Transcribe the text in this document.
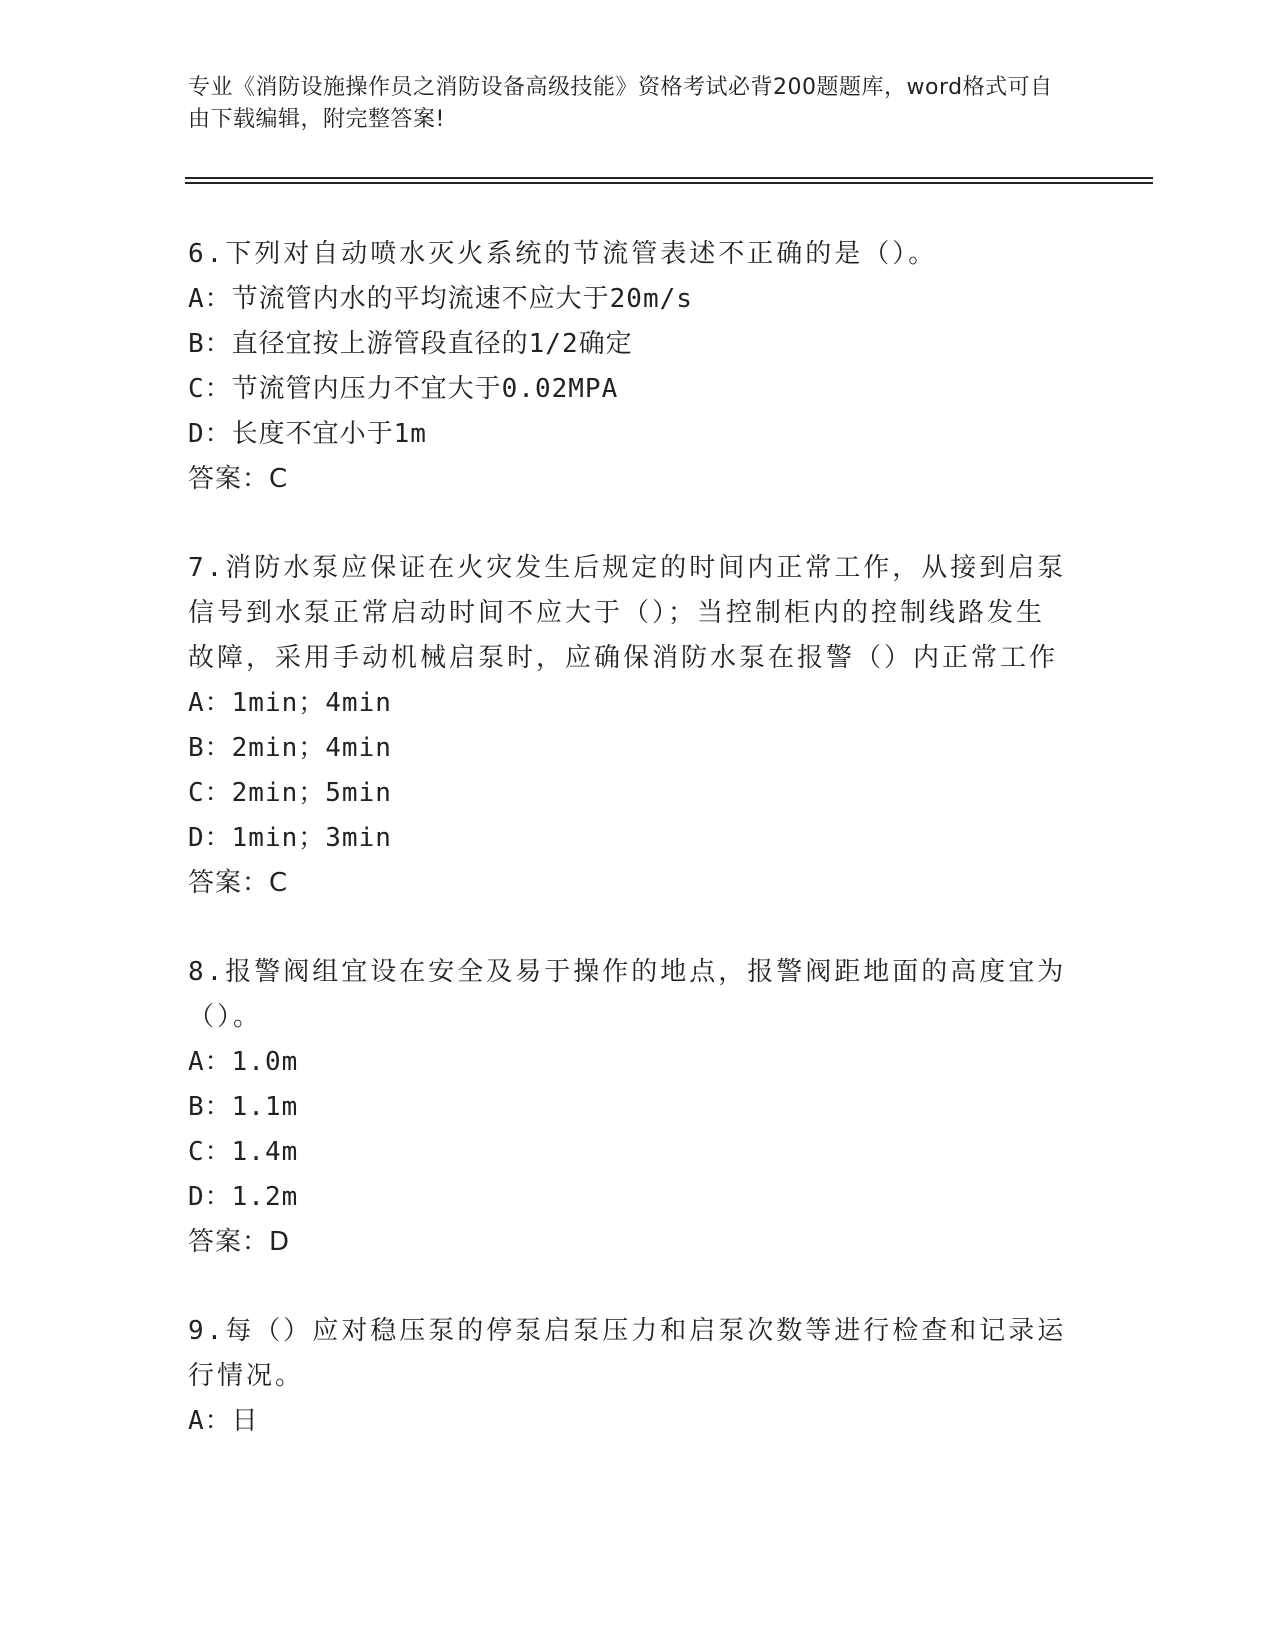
专业《消防设施操作员之消防设备高级技能》资格考试必背200题题库，word格式可自由下载编辑，附完整答案!
6.下列对自动喷水灭火系统的节流管表述不正确的是（）。
A：节流管内水的平均流速不应大于20m/s
B：直径宜按上游管段直径的1/2确定
C：节流管内压力不宜大于0.02MPA
D：长度不宜小于1m
答案：C
7.消防水泵应保证在火灾发生后规定的时间内正常工作，从接到启泵信号到水泵正常启动时间不应大于（）；当控制柜内的控制线路发生故障，采用手动机械启泵时，应确保消防水泵在报警（）内正常工作
A：1min；4min
B：2min；4min
C：2min；5min
D：1min；3min
答案：C
8.报警阀组宜设在安全及易于操作的地点，报警阀距地面的高度宜为（）。
A：1.0m
B：1.1m
C：1.4m
D：1.2m
答案：D
9.每（）应对稳压泵的停泵启泵压力和启泵次数等进行检查和记录运行情况。
A：日
